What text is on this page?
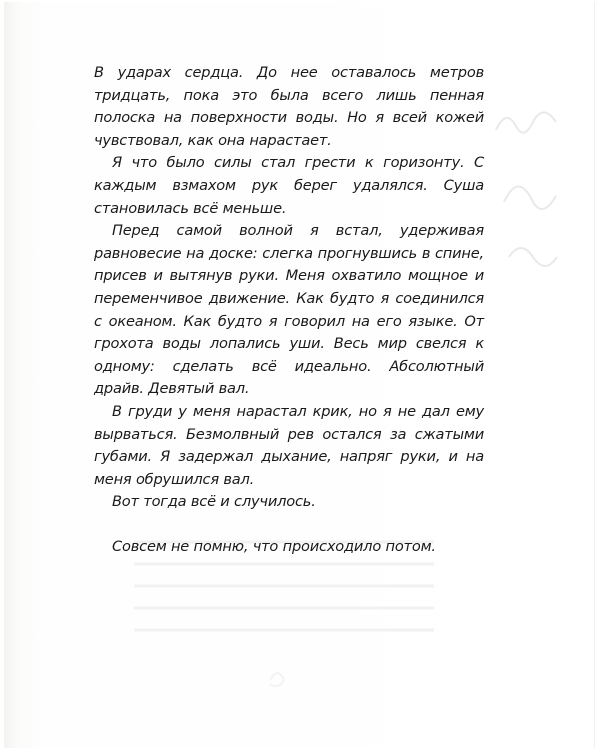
В ударах сердца. До нее оставалось метров тридцать, пока это была всего лишь пенная полоска на поверхности воды. Но я всей кожей чувствовал, как она нарастает.

Я что было силы стал грести к горизонту. С каждым взмахом рук берег удалялся. Суша становилась всё меньше.

Перед самой волной я встал, удерживая равновесие на доске: слегка прогнувшись в спине, присев и вытянув руки. Меня охватило мощное и переменчивое движение. Как будто я соединился с океаном. Как будто я говорил на его языке. От грохота воды лопались уши. Весь мир свелся к одному: сделать всё идеально. Абсолютный драйв. Девятый вал.

В груди у меня нарастал крик, но я не дал ему вырваться. Безмолвный рев остался за сжатыми губами. Я задержал дыхание, напряг руки, и на меня обрушился вал.

Вот тогда всё и случилось.

Совсем не помню, что происходило потом.
